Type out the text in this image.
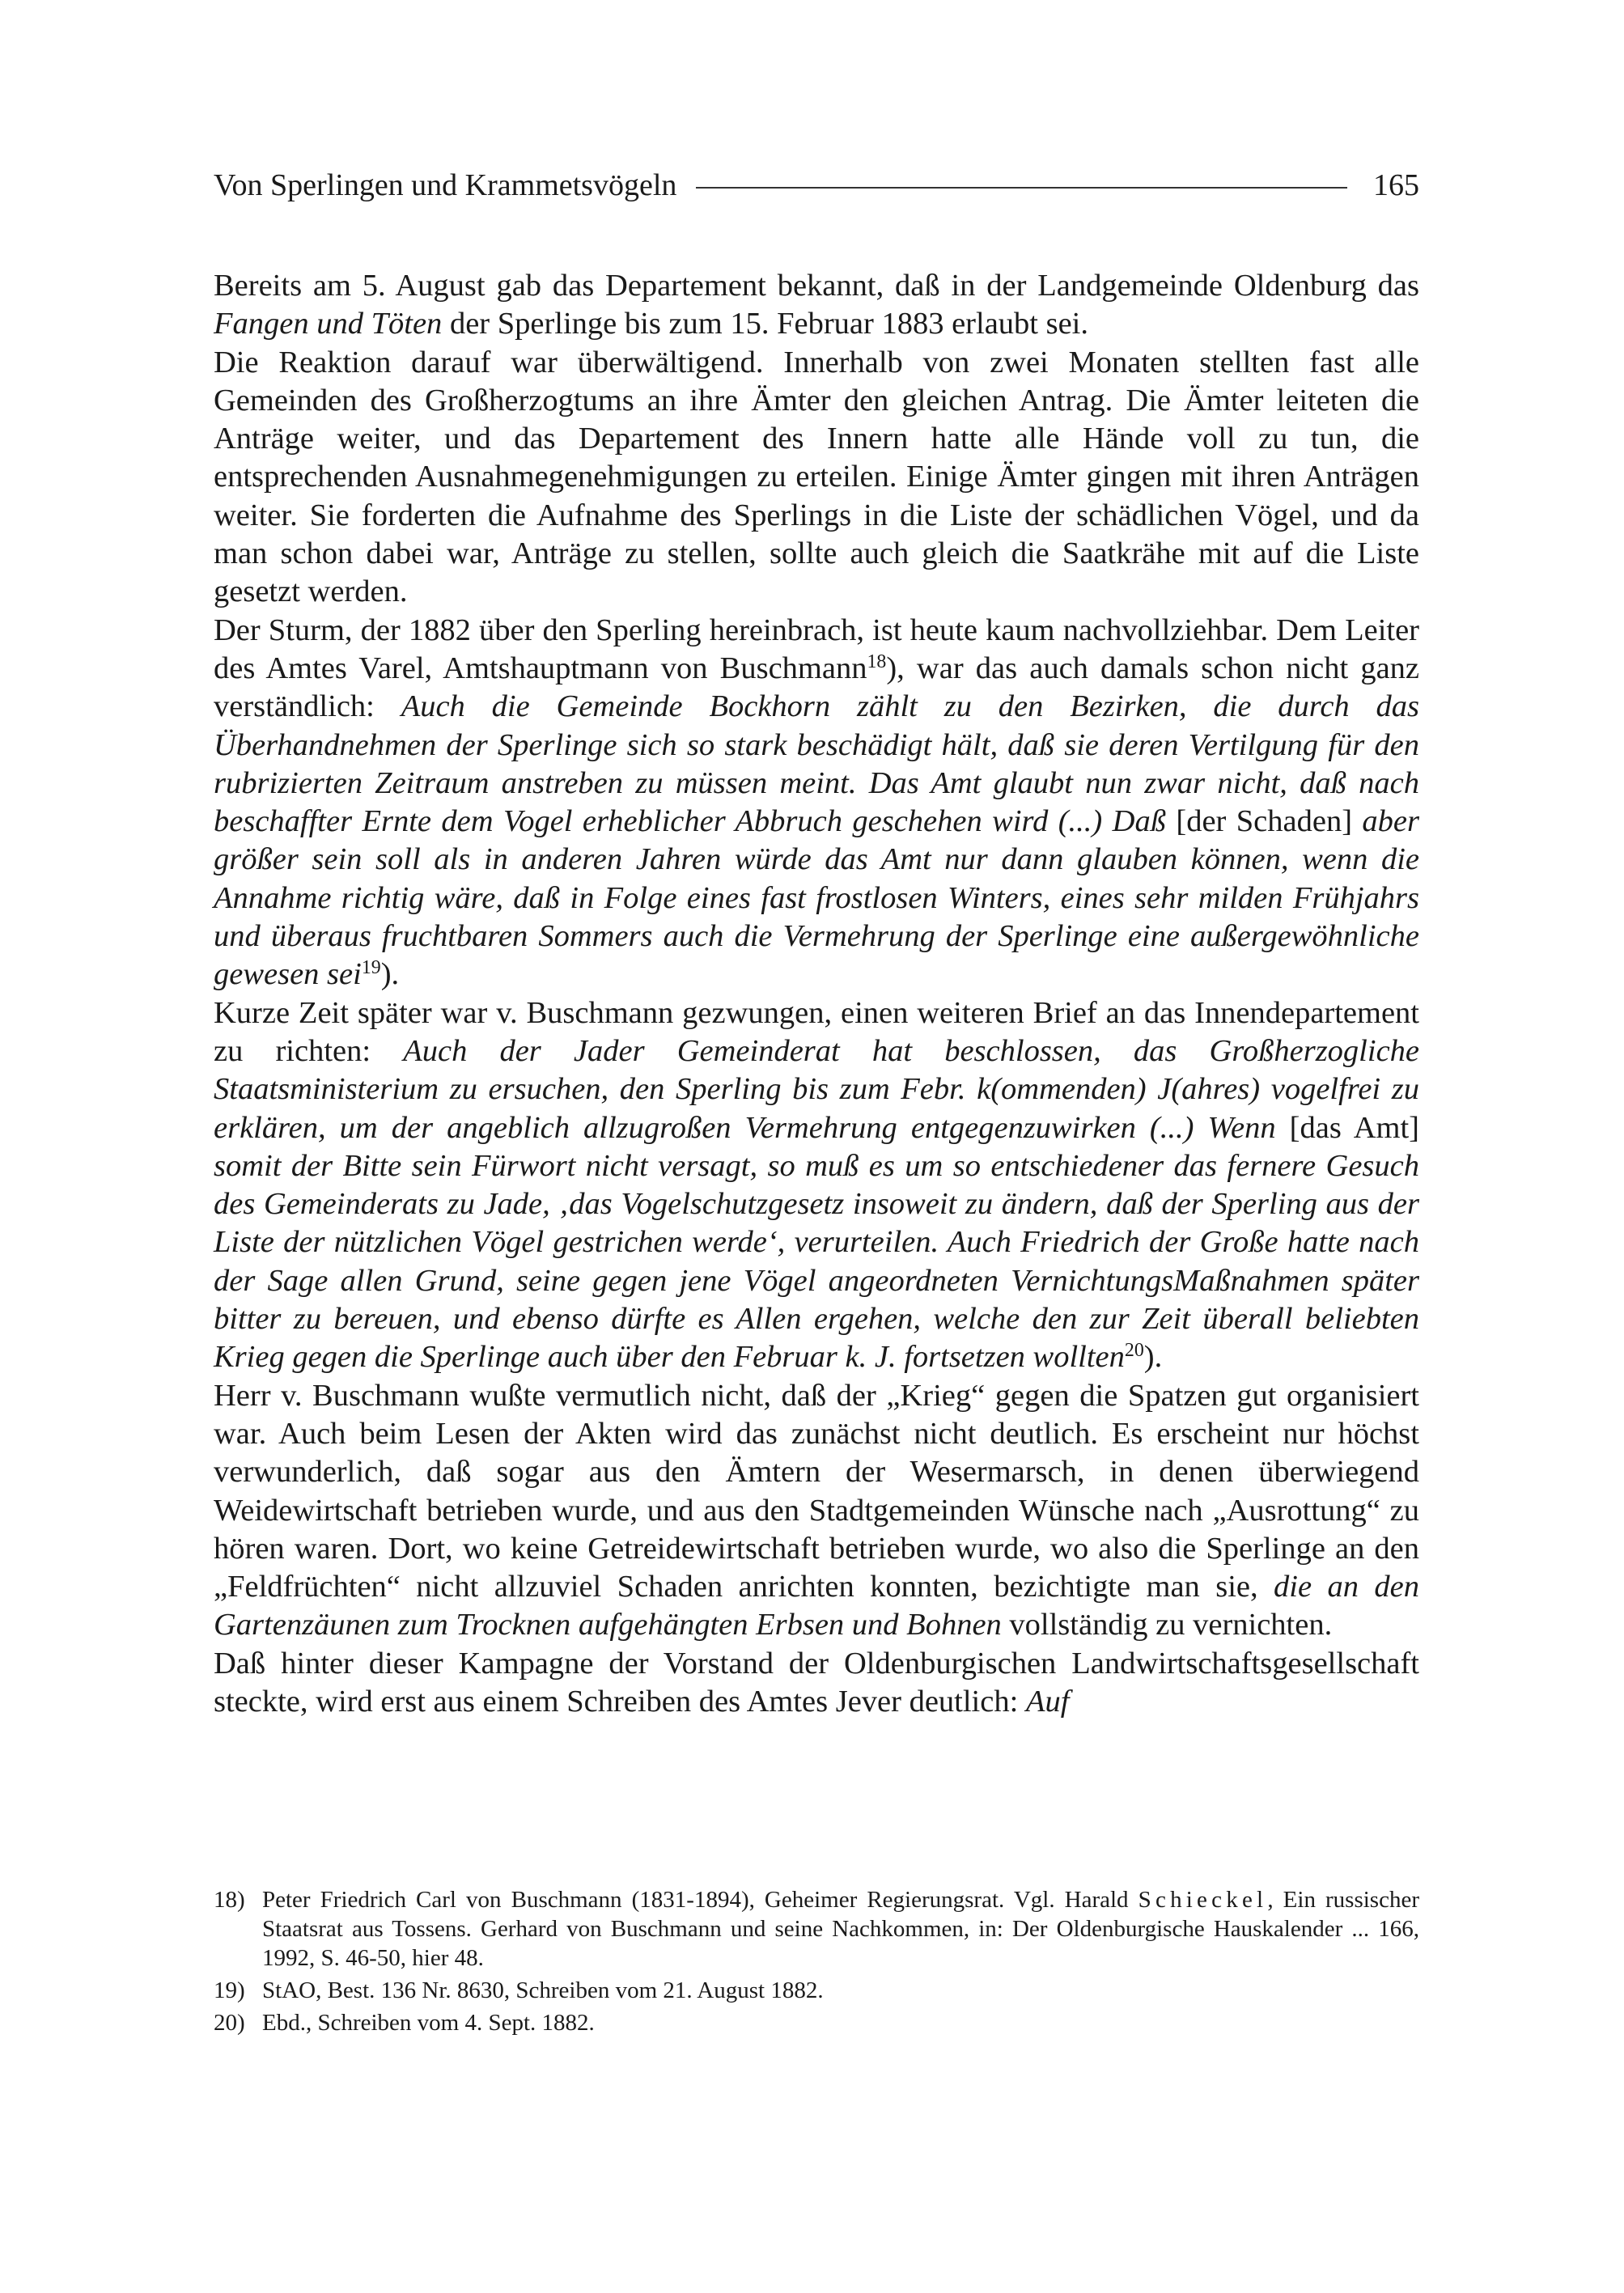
Von Sperlingen und Krammetsvögeln	165

Bereits am 5. August gab das Departement bekannt, daß in der Landgemeinde Oldenburg das Fangen und Töten der Sperlinge bis zum 15. Februar 1883 erlaubt sei.

Die Reaktion darauf war überwältigend. Innerhalb von zwei Monaten stellten fast alle Gemeinden des Großherzogtums an ihre Ämter den gleichen Antrag. Die Ämter leiteten die Anträge weiter, und das Departement des Innern hatte alle Hände voll zu tun, die entsprechenden Ausnahmegenehmigungen zu erteilen. Einige Ämter gingen mit ihren Anträgen weiter. Sie forderten die Aufnahme des Sperlings in die Liste der schädlichen Vögel, und da man schon dabei war, Anträge zu stellen, sollte auch gleich die Saatkrähe mit auf die Liste gesetzt werden.

Der Sturm, der 1882 über den Sperling hereinbrach, ist heute kaum nachvollziehbar. Dem Leiter des Amtes Varel, Amtshauptmann von Buschmann$^{18}$), war das auch damals schon nicht ganz verständlich: Auch die Gemeinde Bockhorn zählt zu den Bezirken, die durch das Überhandnehmen der Sperlinge sich so stark beschädigt hält, daß sie deren Vertilgung für den rubrizierten Zeitraum anstreben zu müssen meint. Das Amt glaubt nun zwar nicht, daß nach beschaffter Ernte dem Vogel erheblicher Abbruch geschehen wird (...) Daß [der Schaden] aber größer sein soll als in anderen Jahren würde das Amt nur dann glauben können, wenn die Annahme richtig wäre, daß in Folge eines fast frostlosen Winters, eines sehr milden Frühjahrs und überaus fruchtbaren Sommers auch die Vermehrung der Sperlinge eine außergewöhnliche gewesen sei$^{19}$).

Kurze Zeit später war v. Buschmann gezwungen, einen weiteren Brief an das Innendepartement zu richten: Auch der Jader Gemeinderat hat beschlossen, das Großherzogliche Staatsministerium zu ersuchen, den Sperling bis zum Febr. k(ommenden) J(ahres) vogelfrei zu erklären, um der angeblich allzugroßen Vermehrung entgegenzuwirken (...) Wenn [das Amt] somit der Bitte sein Fürwort nicht versagt, so muß es um so entschiedener das fernere Gesuch des Gemeinderats zu Jade, ‚das Vogelschutzgesetz insoweit zu ändern, daß der Sperling aus der Liste der nützlichen Vögel gestrichen werde‘, verurteilen. Auch Friedrich der Große hatte nach der Sage allen Grund, seine gegen jene Vögel angeordneten VernichtungsMaßnahmen später bitter zu bereuen, und ebenso dürfte es Allen ergehen, welche den zur Zeit überall beliebten Krieg gegen die Sperlinge auch über den Februar k. J. fortsetzen wollten$^{20}$).

Herr v. Buschmann wußte vermutlich nicht, daß der „Krieg“ gegen die Spatzen gut organisiert war. Auch beim Lesen der Akten wird das zunächst nicht deutlich. Es erscheint nur höchst verwunderlich, daß sogar aus den Ämtern der Wesermarsch, in denen überwiegend Weidewirtschaft betrieben wurde, und aus den Stadtgemeinden Wünsche nach „Ausrottung“ zu hören waren. Dort, wo keine Getreidewirtschaft betrieben wurde, wo also die Sperlinge an den „Feldfrüchten“ nicht allzuviel Schaden anrichten konnten, bezichtigte man sie, die an den Gartenzäunen zum Trocknen aufgehängten Erbsen und Bohnen vollständig zu vernichten.

Daß hinter dieser Kampagne der Vorstand der Oldenburgischen Landwirtschaftsgesellschaft steckte, wird erst aus einem Schreiben des Amtes Jever deutlich: Auf

18) Peter Friedrich Carl von Buschmann (1831-1894), Geheimer Regierungsrat. Vgl. Harald Schieckel, Ein russischer Staatsrat aus Tossens. Gerhard von Buschmann und seine Nachkommen, in: Der Oldenburgische Hauskalender ... 166, 1992, S. 46-50, hier 48.
19) StAO, Best. 136 Nr. 8630, Schreiben vom 21. August 1882.
20) Ebd., Schreiben vom 4. Sept. 1882.
